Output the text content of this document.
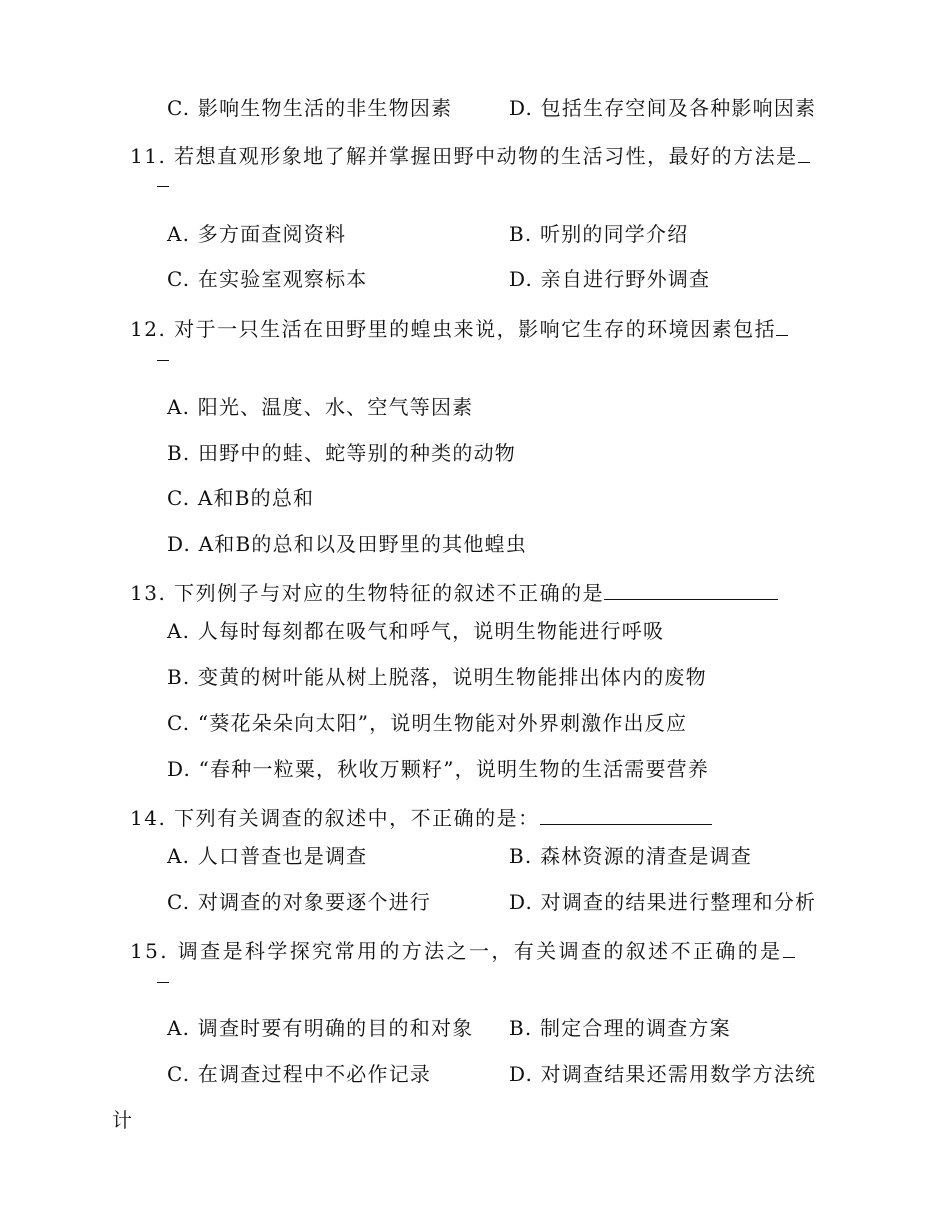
C. 影响生物生活的非生物因素	D. 包括生存空间及各种影响因素
11. 若想直观形象地了解并掌握田野中动物的生活习性，最好的方法是
A. 多方面查阅资料	B. 听别的同学介绍
C. 在实验室观察标本	D. 亲自进行野外调查
12. 对于一只生活在田野里的蝗虫来说，影响它生存的环境因素包括
A. 阳光、温度、水、空气等因素
B. 田野中的蛙、蛇等别的种类的动物
C. A和B的总和
D. A和B的总和以及田野里的其他蝗虫
13. 下列例子与对应的生物特征的叙述不正确的是
A. 人每时每刻都在吸气和呼气，说明生物能进行呼吸
B. 变黄的树叶能从树上脱落，说明生物能排出体内的废物
C. “葵花朵朵向太阳”，说明生物能对外界刺激作出反应
D. “春种一粒粟，秋收万颗籽”，说明生物的生活需要营养
14. 下列有关调查的叙述中，不正确的是：
A. 人口普查也是调查	B. 森林资源的清查是调查
C. 对调查的对象要逐个进行	D. 对调查的结果进行整理和分析
15. 调查是科学探究常用的方法之一，有关调查的叙述不正确的是
A. 调查时要有明确的目的和对象 B. 制定合理的调查方案
C. 在调查过程中不必作记录	D. 对调查结果还需用数学方法统
计
